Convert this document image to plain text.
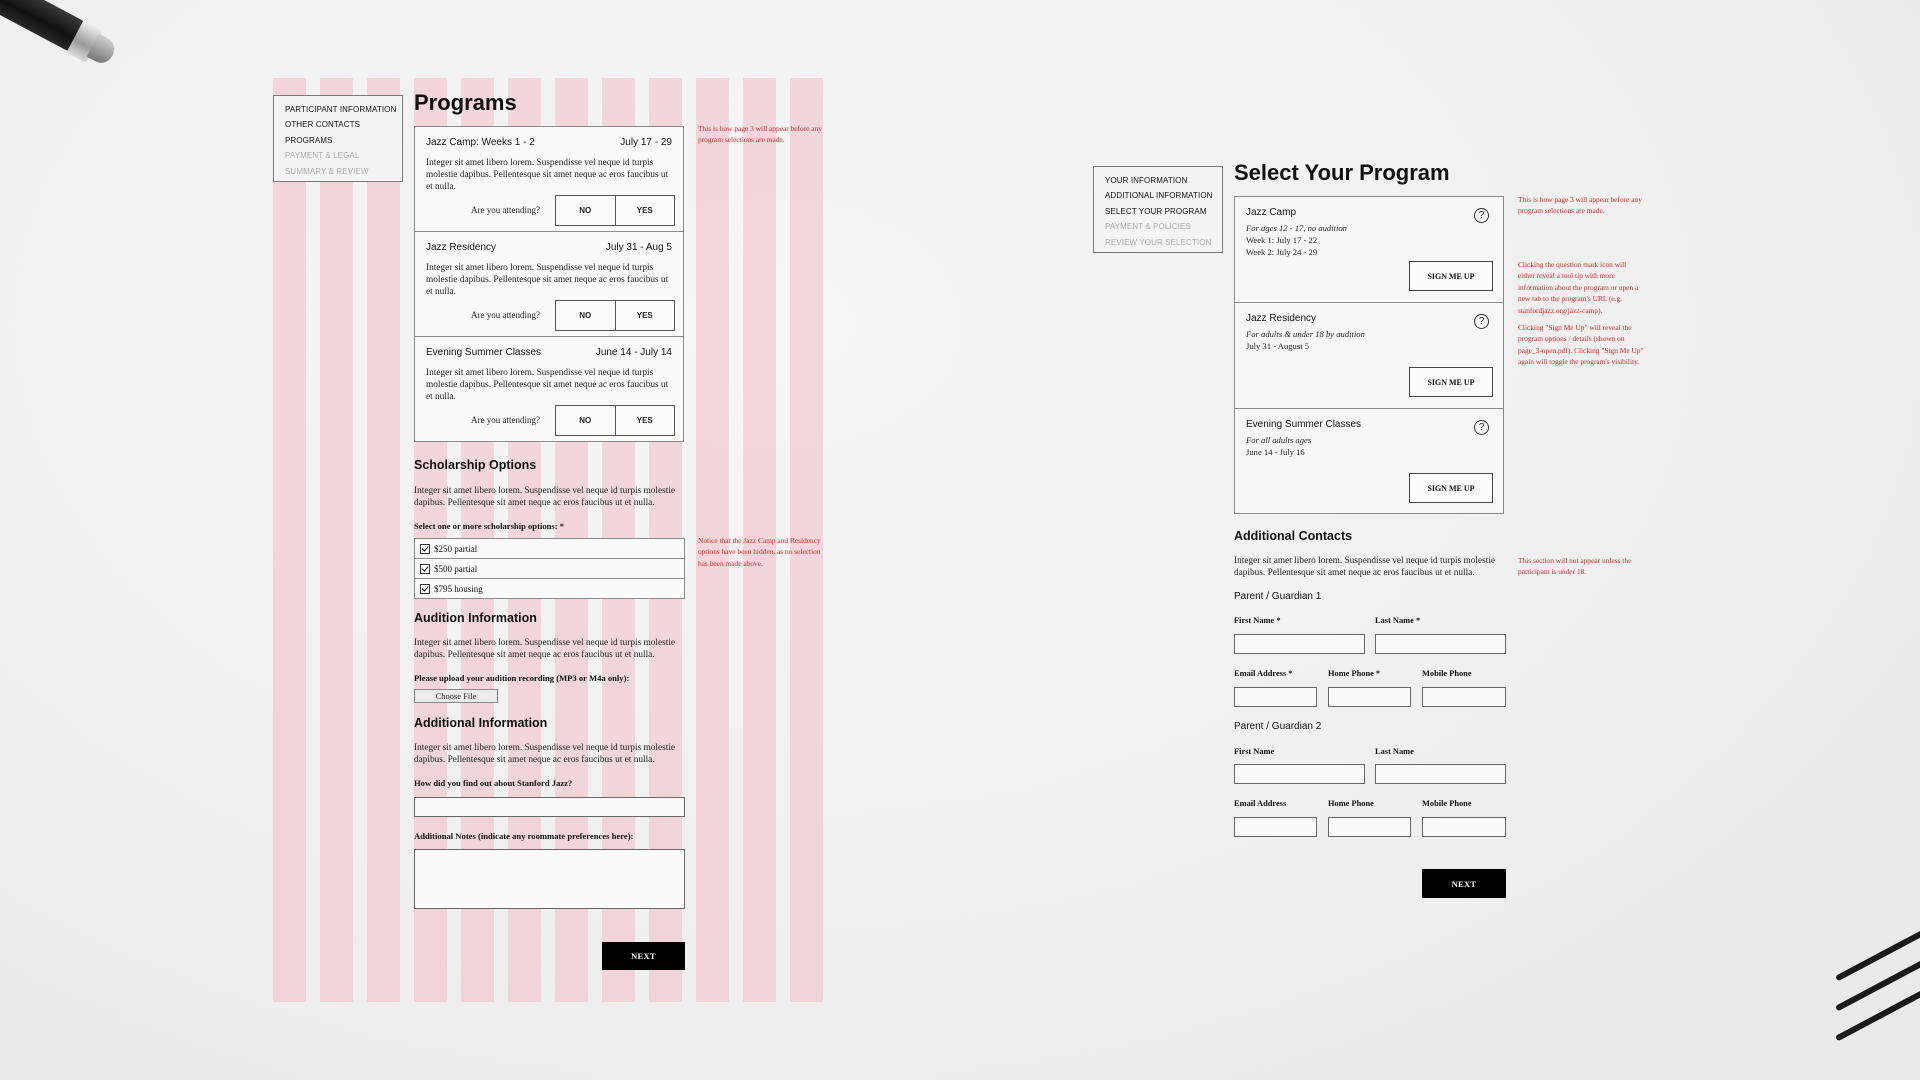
PARTICIPANT INFORMATION
OTHER CONTACTS
PROGRAMS
PAYMENT & LEGAL
SUMMARY & REVIEW
Programs
Jazz Camp: Weeks 1 - 2	July 17 - 29
Integer sit amet libero lorem. Suspendisse vel neque id turpis molestie dapibus. Pellentesque sit amet neque ac eros faucibus ut et nulla.
Are you attending?	NO	YES
Jazz Residency	July 31 - Aug 5
Integer sit amet libero lorem. Suspendisse vel neque id turpis molestie dapibus. Pellentesque sit amet neque ac eros faucibus ut et nulla.
Are you attending?	NO	YES
Evening Summer Classes	June 14 - July 14
Integer sit amet libero lorem. Suspendisse vel neque id turpis molestie dapibus. Pellentesque sit amet neque ac eros faucibus ut et nulla.
Are you attending?	NO	YES
Scholarship Options
Integer sit amet libero lorem. Suspendisse vel neque id turpis molestie dapibus. Pellentesque sit amet neque ac eros faucibus ut et nulla.
Select one or more scholarship options: *
$250 partial
$500 partial
$795 housing
Audition Information
Integer sit amet libero lorem. Suspendisse vel neque id turpis molestie dapibus. Pellentesque sit amet neque ac eros faucibus ut et nulla.
Please upload your audition recording (MP3 or M4a only):
Choose File
Additional Information
Integer sit amet libero lorem. Suspendisse vel neque id turpis molestie dapibus. Pellentesque sit amet neque ac eros faucibus ut et nulla.
How did you find out about Stanford Jazz?
Additional Notes (indicate any roommate preferences here):
NEXT
This is how page 3 will appear before any program selections are made.
Notice that the Jazz Camp and Residency options have been hidden, as no selection has been made above.
YOUR INFORMATION
ADDITIONAL INFORMATION
SELECT YOUR PROGRAM
PAYMENT & POLICIES
REVIEW YOUR SELECTION
Select Your Program
Jazz Camp	?
For ages 12 - 17, no audition
Week 1: July 17 - 22
Week 2: July 24 - 29
SIGN ME UP
Jazz Residency	?
For adults & under 18 by audition
July 31 - August 5
SIGN ME UP
Evening Summer Classes	?
For all adults ages
June 14 - July 16
SIGN ME UP
Additional Contacts
Integer sit amet libero lorem. Suspendisse vel neque id turpis molestie dapibus. Pellentesque sit amet neque ac eros faucibus ut et nulla.
Parent / Guardian 1
First Name *	Last Name *
Email Address *	Home Phone *	Mobile Phone
Parent / Guardian 2
First Name	Last Name
Email Address	Home Phone	Mobile Phone
NEXT
This is how page 3 will appear before any program selections are made.
Clicking the question mark icon will either reveal a tool tip with more information about the program or open a new tab to the program's URL (e.g. stanfordjazz.org/jazz-camp).
Clicking "Sign Me Up" will reveal the program options / details (shown on page_3-open.pdf). Clicking "Sign Me Up" again will toggle the program's visibility.
This section will not appear unless the participant is under 18.
